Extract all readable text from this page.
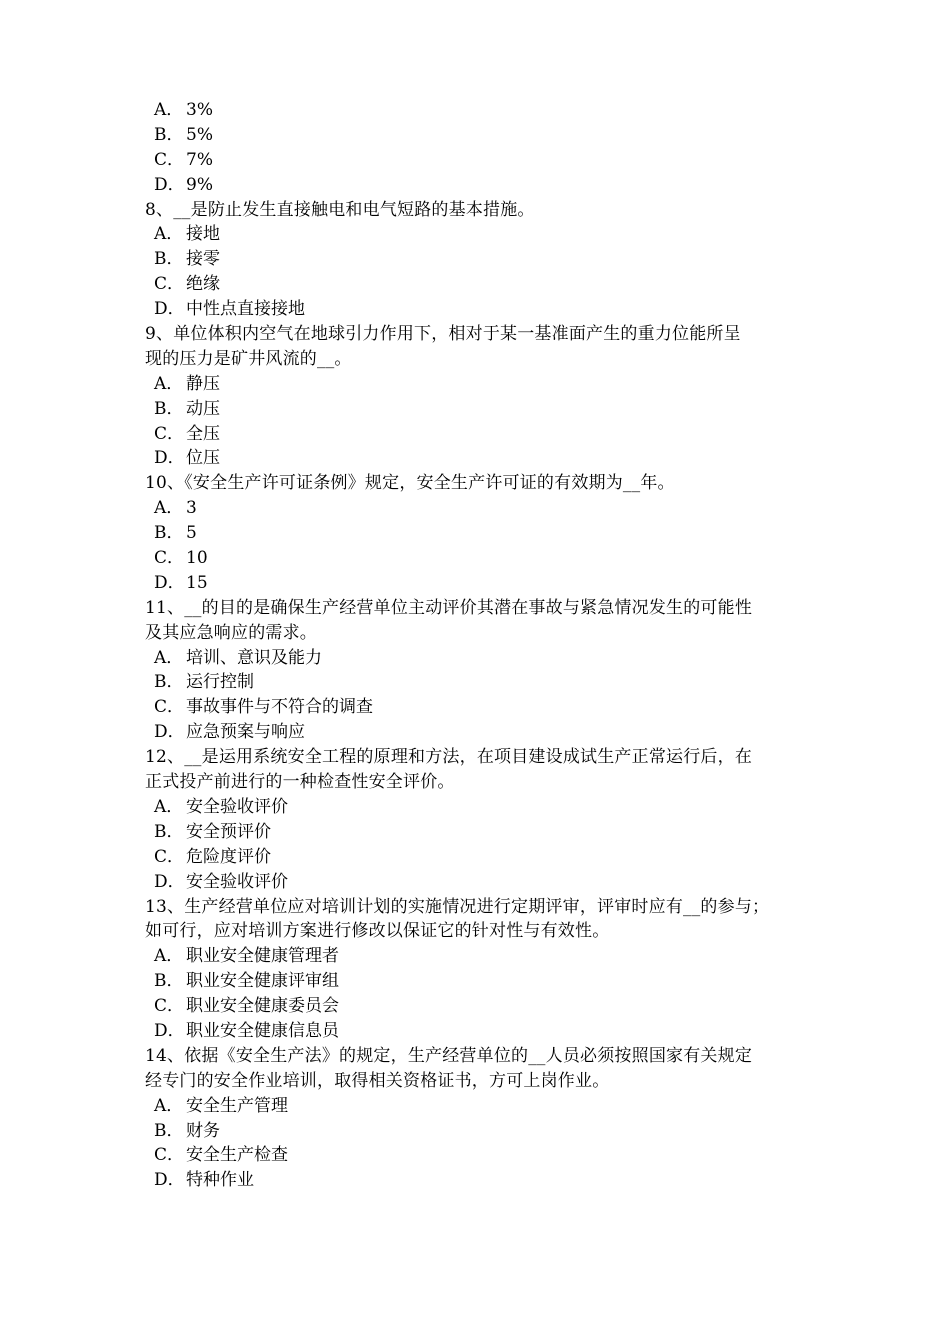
A． 3%
B． 5%
C． 7%
D．9%
8、__是防止发生直接触电和电气短路的基本措施。
A． 接地
B． 接零
C． 绝缘
D．中性点直接接地
9、单位体积内空气在地球引力作用下，相对于某一基准面产生的重力位能所呈
现的压力是矿井风流的__。
A． 静压
B． 动压
C． 全压
D．位压
10、《安全生产许可证条例》规定，安全生产许可证的有效期为__年。
A． 3
B． 5
C． 10
D．15
11、__的目的是确保生产经营单位主动评价其潜在事故与紧急情况发生的可能性
及其应急响应的需求。
A． 培训、意识及能力
B． 运行控制
C． 事故事件与不符合的调查
D．应急预案与响应
12、__是运用系统安全工程的原理和方法，在项目建设成试生产正常运行后，在
正式投产前进行的一种检查性安全评价。
A． 安全验收评价
B． 安全预评价
C． 危险度评价
D．安全验收评价
13、生产经营单位应对培训计划的实施情况进行定期评审，评审时应有__的参与；
如可行，应对培训方案进行修改以保证它的针对性与有效性。
A． 职业安全健康管理者
B． 职业安全健康评审组
C． 职业安全健康委员会
D．职业安全健康信息员
14、依据《安全生产法》的规定，生产经营单位的__人员必须按照国家有关规定
经专门的安全作业培训，取得相关资格证书，方可上岗作业。
A． 安全生产管理
B． 财务
C． 安全生产检查
D．特种作业
